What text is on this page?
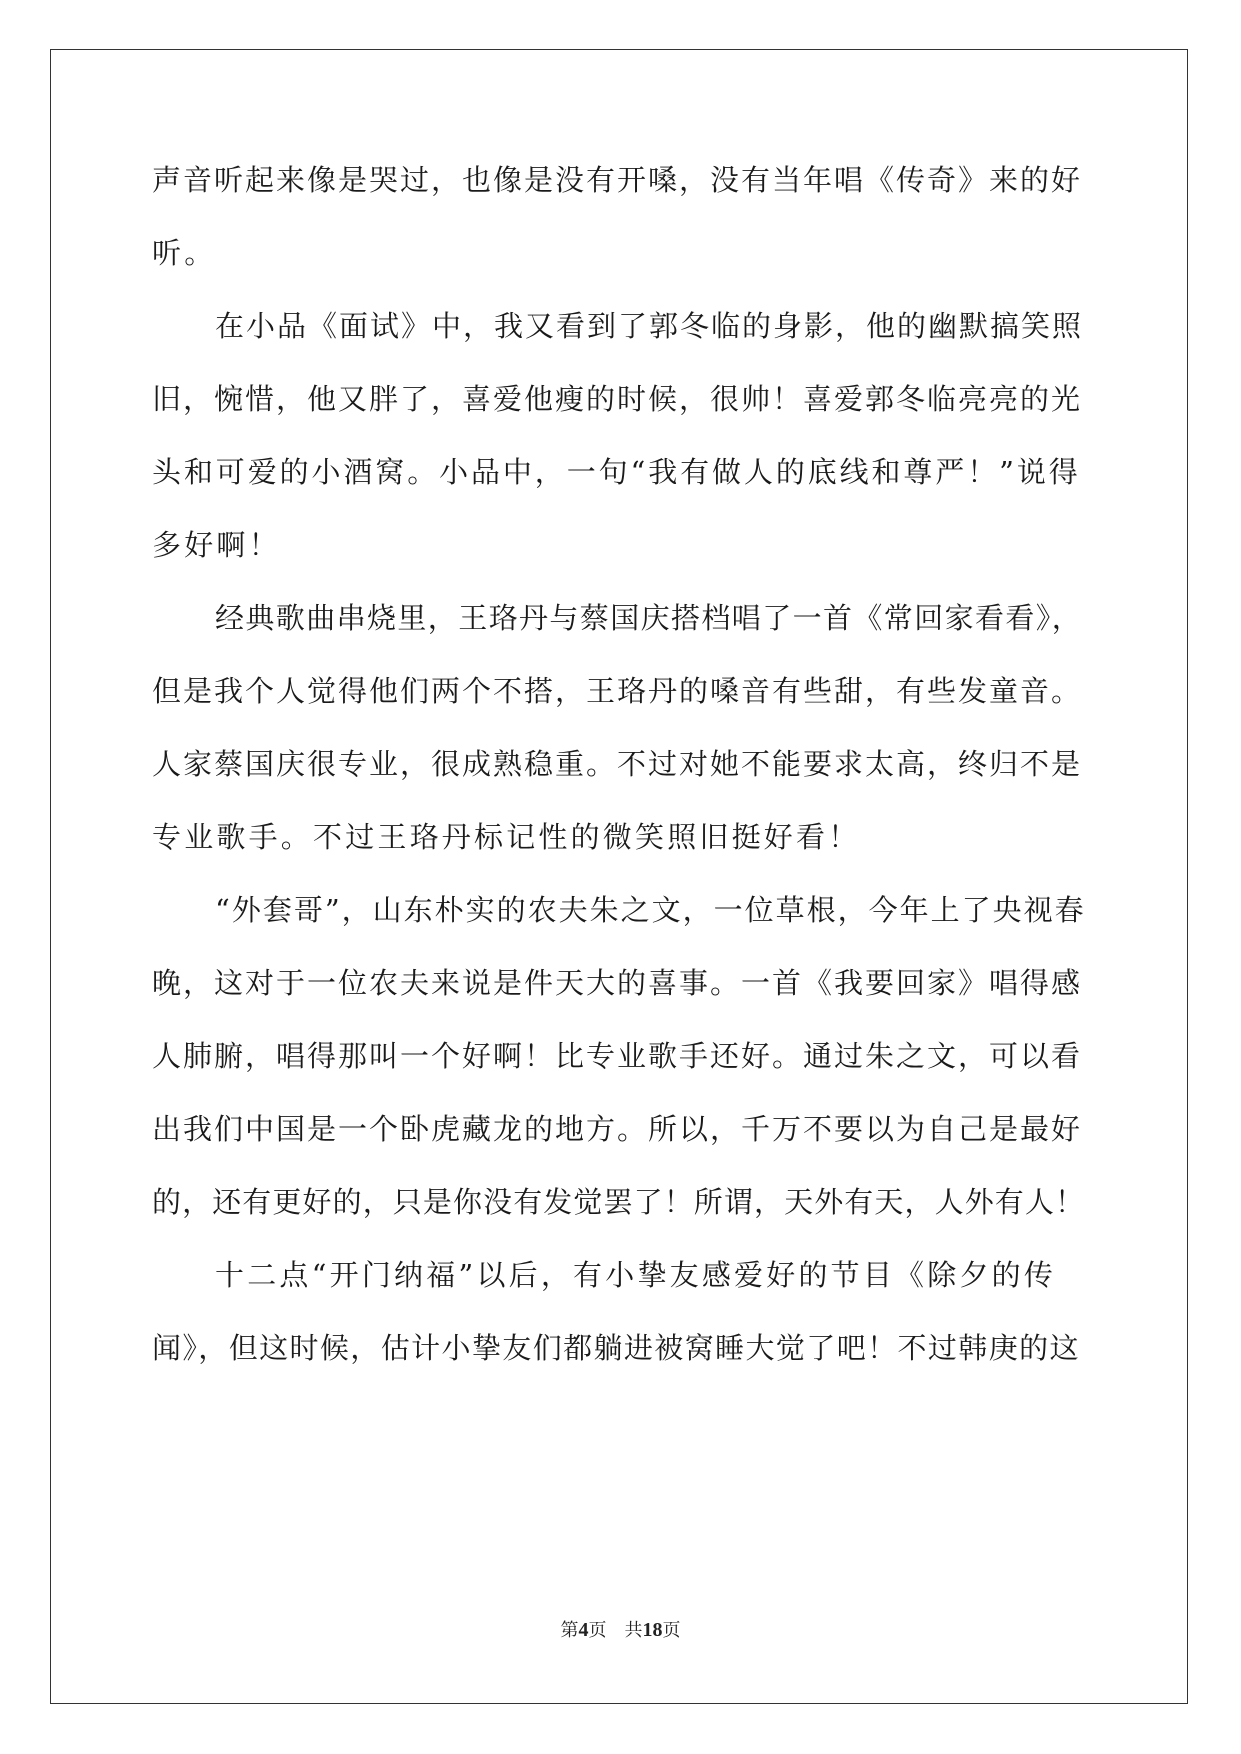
声音听起来像是哭过，也像是没有开嗓，没有当年唱《传奇》来的好
听。
在小品《面试》中，我又看到了郭冬临的身影，他的幽默搞笑照
旧，惋惜，他又胖了，喜爱他瘦的时候，很帅！喜爱郭冬临亮亮的光
头和可爱的小酒窝。小品中，一句“我有做人的底线和尊严！”说得
多好啊！
经典歌曲串烧里，王珞丹与蔡国庆搭档唱了一首《常回家看看》，
但是我个人觉得他们两个不搭，王珞丹的嗓音有些甜，有些发童音。
人家蔡国庆很专业，很成熟稳重。不过对她不能要求太高，终归不是
专业歌手。不过王珞丹标记性的微笑照旧挺好看！
“外套哥”，山东朴实的农夫朱之文，一位草根，今年上了央视春
晚，这对于一位农夫来说是件天大的喜事。一首《我要回家》唱得感
人肺腑，唱得那叫一个好啊！比专业歌手还好。通过朱之文，可以看
出我们中国是一个卧虎藏龙的地方。所以，千万不要以为自己是最好
的，还有更好的，只是你没有发觉罢了！所谓，天外有天，人外有人！
十二点“开门纳福”以后，有小挚友感爱好的节目《除夕的传
闻》，但这时候，估计小挚友们都躺进被窝睡大觉了吧！不过韩庚的这
第4页 共18页
